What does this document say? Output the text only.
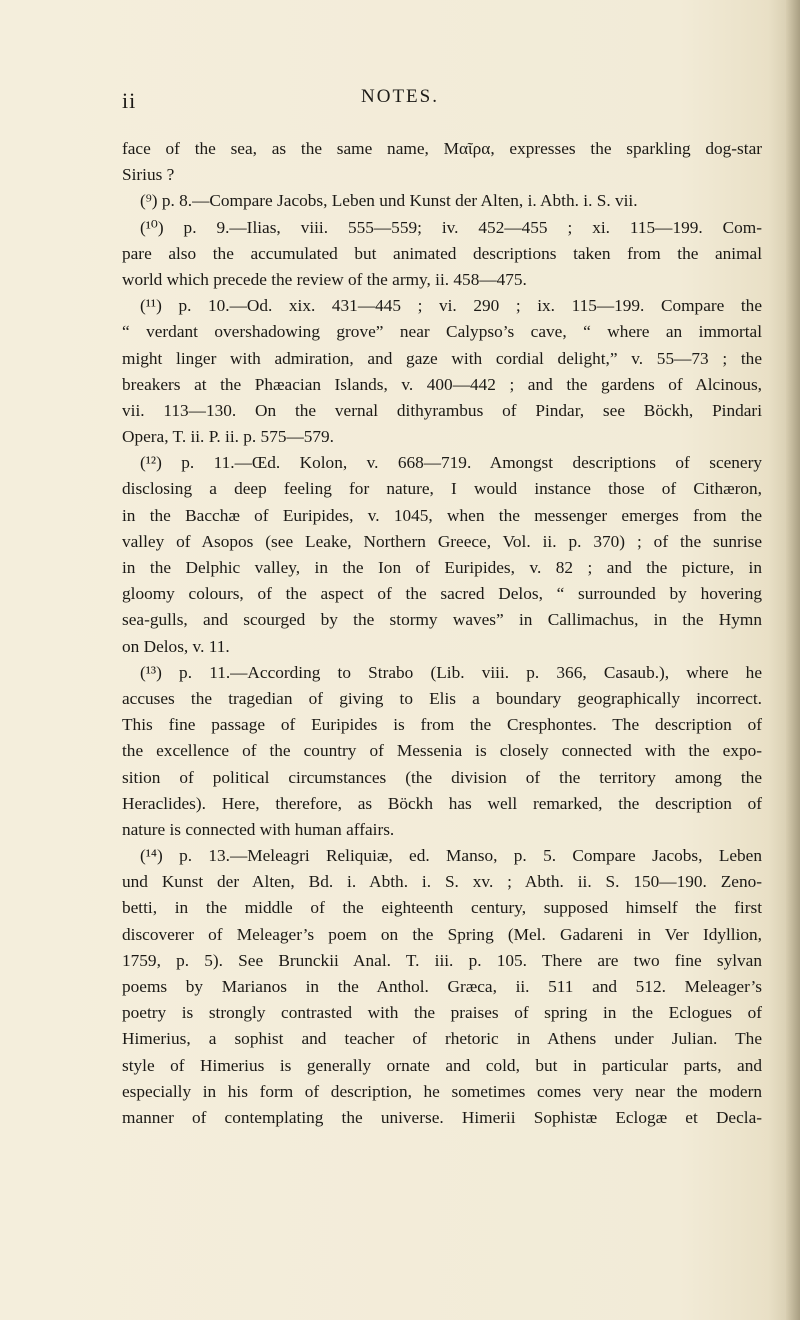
ii	NOTES.
face of the sea, as the same name, Μαῖρα, expresses the sparkling dog-star
Sirius ?
(⁹) p. 8.—Compare Jacobs, Leben und Kunst der Alten, i. Abth. i. S. vii.
(¹⁰) p. 9.—Ilias, viii. 555—559; iv. 452—455 ; xi. 115—199. Com-
pare also the accumulated but animated descriptions taken from the animal
world which precede the review of the army, ii. 458—475.
(¹¹) p. 10.—Od. xix. 431—445 ; vi. 290 ; ix. 115—199. Compare the
“ verdant overshadowing grove” near Calypso’s cave, “ where an immortal
might linger with admiration, and gaze with cordial delight,” v. 55—73 ; the
breakers at the Phæacian Islands, v. 400—442 ; and the gardens of Alcinous,
vii. 113—130. On the vernal dithyrambus of Pindar, see Böckh, Pindari
Opera, T. ii. P. ii. p. 575—579.
(¹²) p. 11.—Œd. Kolon, v. 668—719. Amongst descriptions of scenery
disclosing a deep feeling for nature, I would instance those of Cithæron,
in the Bacchæ of Euripides, v. 1045, when the messenger emerges from the
valley of Asopos (see Leake, Northern Greece, Vol. ii. p. 370) ; of the sunrise
in the Delphic valley, in the Ion of Euripides, v. 82 ; and the picture, in
gloomy colours, of the aspect of the sacred Delos, “ surrounded by hovering
sea-gulls, and scourged by the stormy waves” in Callimachus, in the Hymn
on Delos, v. 11.
(¹³) p. 11.—According to Strabo (Lib. viii. p. 366, Casaub.), where he
accuses the tragedian of giving to Elis a boundary geographically incorrect.
This fine passage of Euripides is from the Cresphontes. The description of
the excellence of the country of Messenia is closely connected with the expo-
sition of political circumstances (the division of the territory among the
Heraclides). Here, therefore, as Böckh has well remarked, the description of
nature is connected with human affairs.
(¹⁴) p. 13.—Meleagri Reliquiæ, ed. Manso, p. 5. Compare Jacobs, Leben
und Kunst der Alten, Bd. i. Abth. i. S. xv. ; Abth. ii. S. 150—190. Zeno-
betti, in the middle of the eighteenth century, supposed himself the first
discoverer of Meleager’s poem on the Spring (Mel. Gadareni in Ver Idyllion,
1759, p. 5). See Brunckii Anal. T. iii. p. 105. There are two fine sylvan
poems by Marianos in the Anthol. Græca, ii. 511 and 512. Meleager’s
poetry is strongly contrasted with the praises of spring in the Eclogues of
Himerius, a sophist and teacher of rhetoric in Athens under Julian. The
style of Himerius is generally ornate and cold, but in particular parts, and
especially in his form of description, he sometimes comes very near the modern
manner of contemplating the universe. Himerii Sophistæ Eclogæ et Decla-
